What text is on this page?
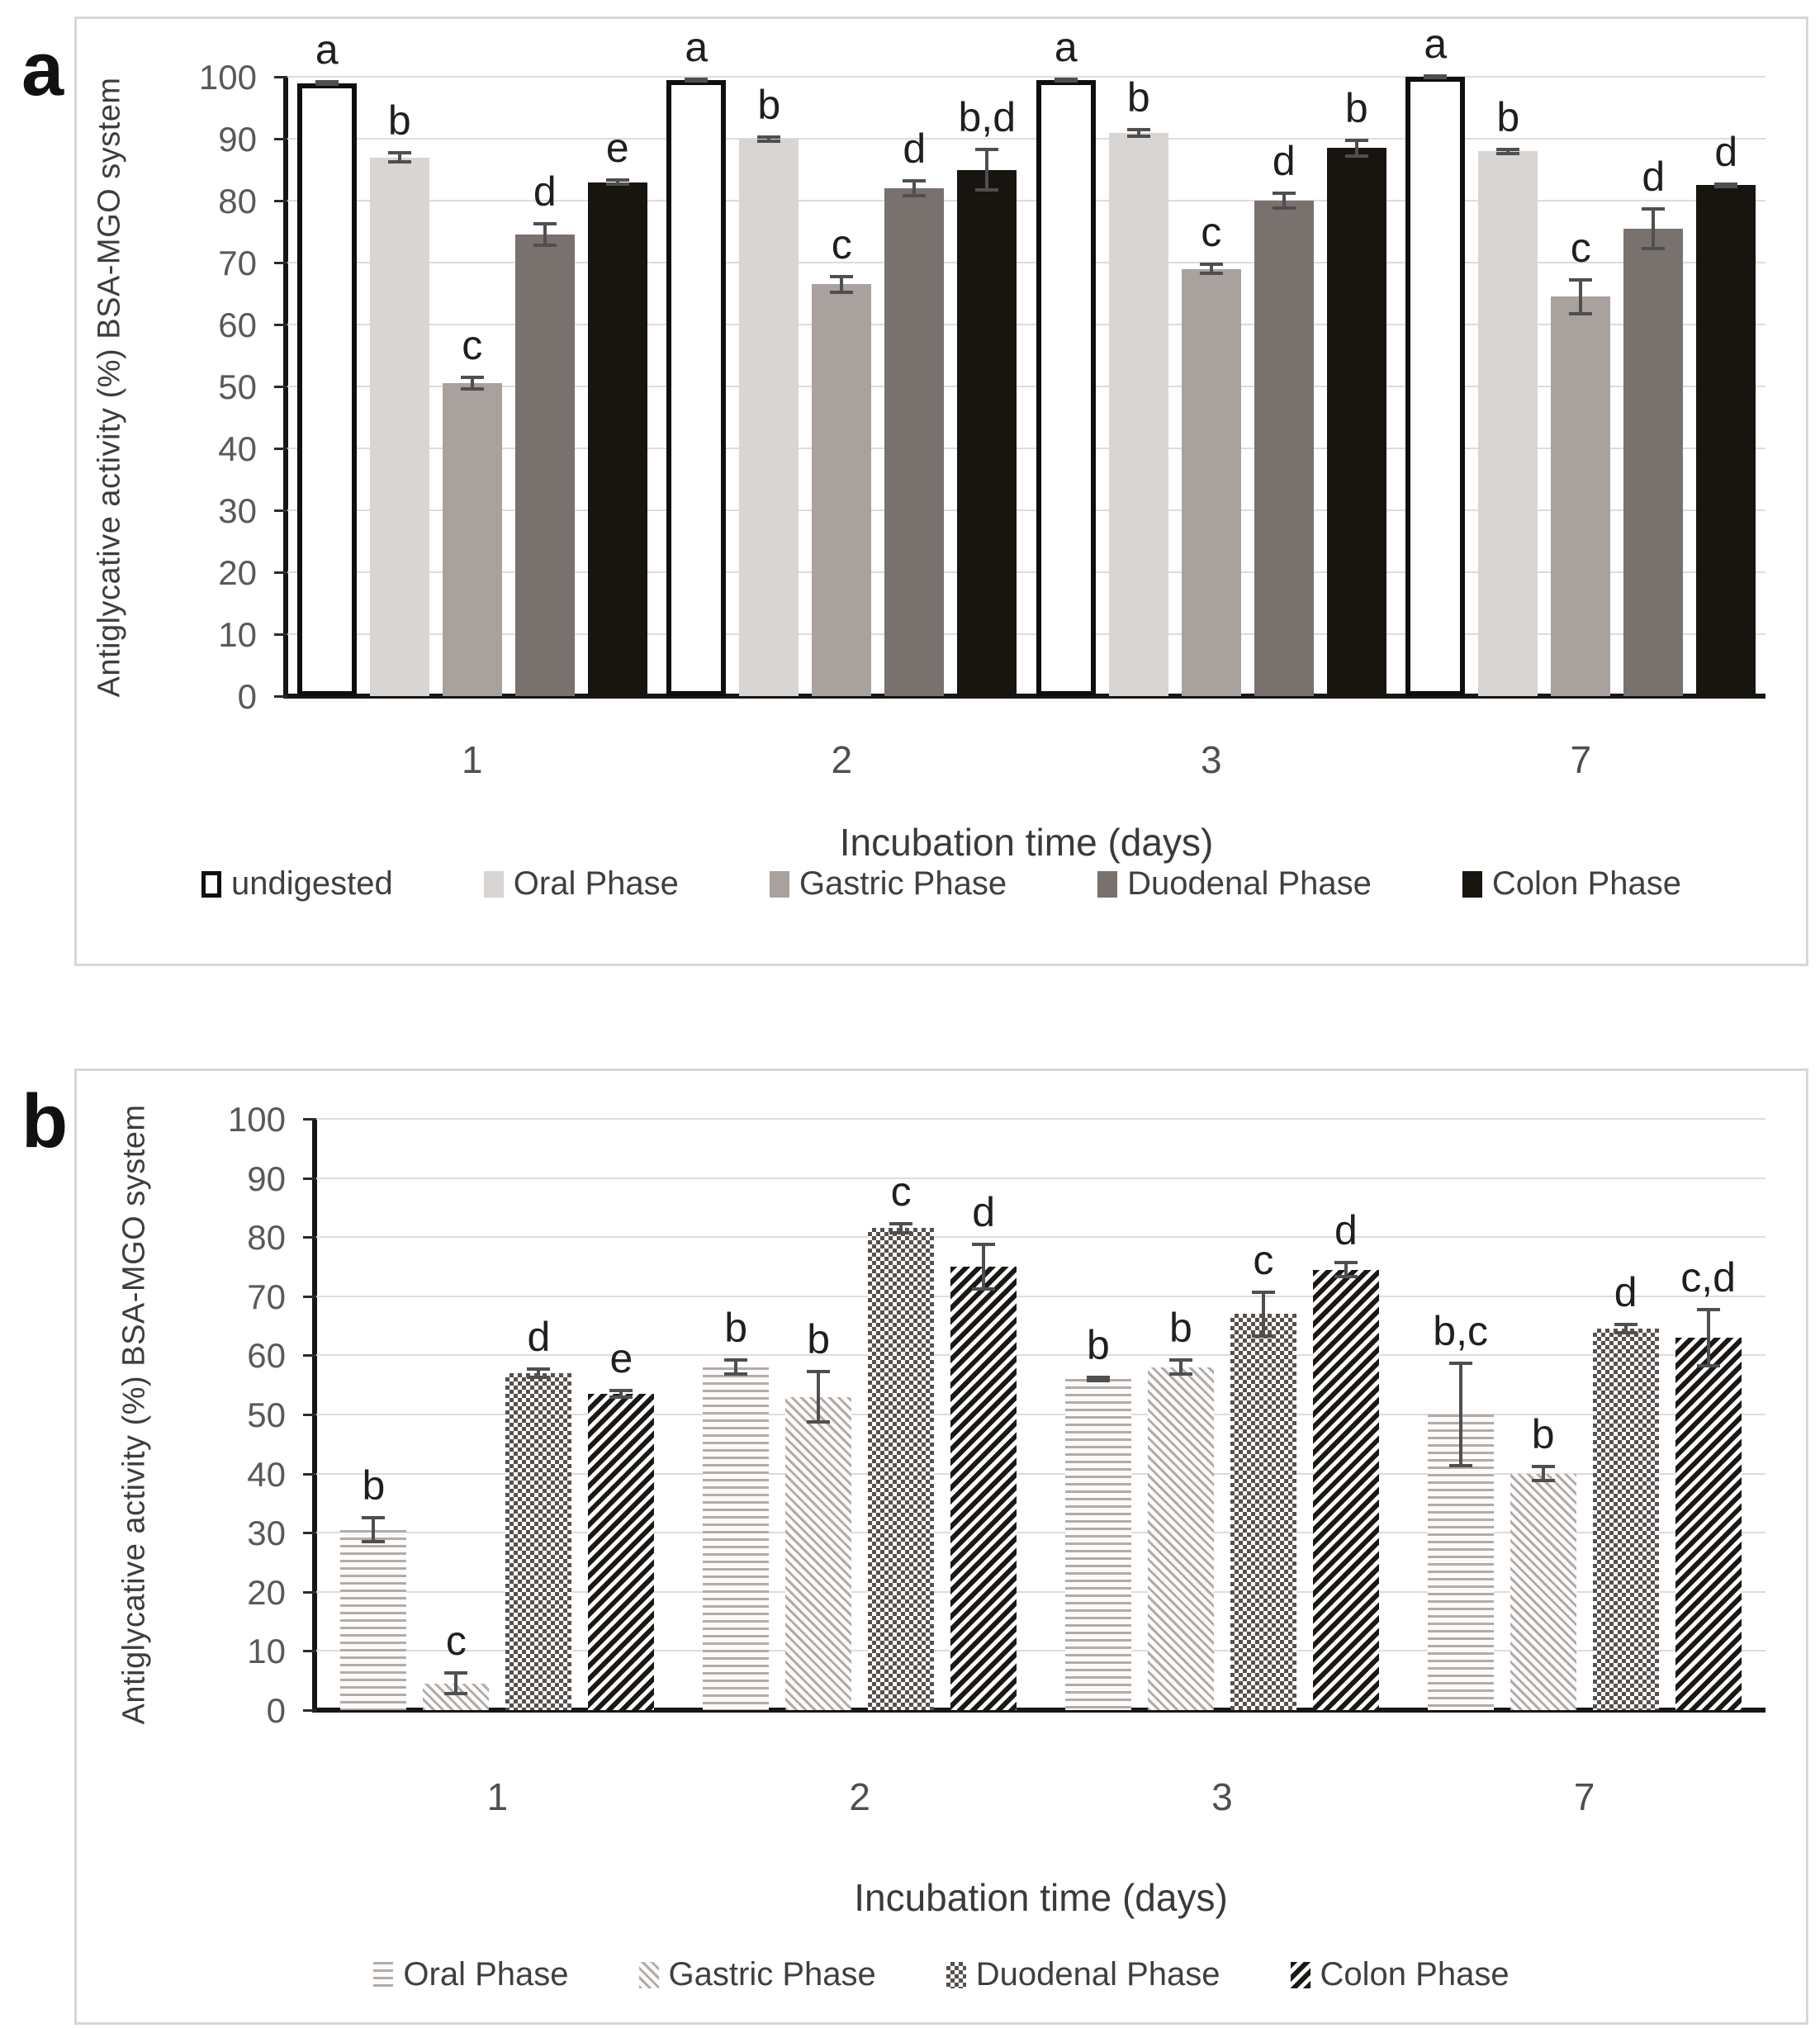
a
b
Antiglycative activity (%) BSA-MGO system	0
10
20
30
40
50
60
70
80
90
100
a
b
c
d
e
a
b
c
d
b,d
a
b
c
d
b
a
b
c
d
d
1	2	3	7
Incubation time (days)
undigested	Oral Phase	Gastric Phase	Duodenal Phase	Colon Phase
Antiglycative activity (%) BSA-MGO system	0
10
20
30
40
50
60
70
80
90
100
b
c
d e
b b
c d
b b
c
d
b,c
b
d c,d
1	2	3	7
Incubation time (days)
Oral Phase	Gastric Phase	Duodenal Phase	Colon Phase
